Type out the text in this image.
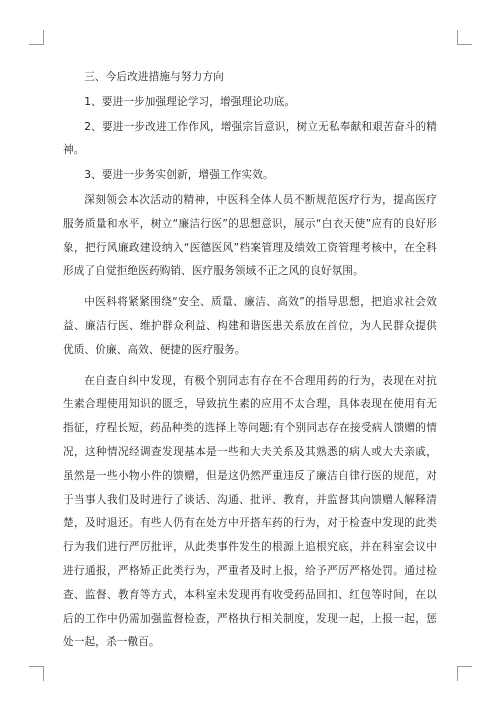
三、今后改进措施与努力方向

1、要进一步加强理论学习，增强理论功底。

2、要进一步改进工作作风，增强宗旨意识，树立无私奉献和艰苦奋斗的精神。

3、要进一步务实创新，增强工作实效。

深刻领会本次活动的精神，中医科全体人员不断规范医疗行为，提高医疗服务质量和水平，树立“廉洁行医”的思想意识，展示“白衣天使”应有的良好形象，把行风廉政建设纳入“医德医风”档案管理及绩效工资管理考核中，在全科形成了自觉拒绝医药购销、医疗服务领域不正之风的良好氛围。

中医科将紧紧围绕“安全、质量、廉洁、高效”的指导思想，把追求社会效益、廉洁行医、维护群众利益、构建和谐医患关系放在首位，为人民群众提供优质、价廉、高效、便捷的医疗服务。

在自查自纠中发现，有极个别同志有存在不合理用药的行为，表现在对抗生素合理使用知识的匮乏，导致抗生素的应用不太合理，具体表现在使用有无指征，疗程长短，药品种类的选择上等问题;有个别同志存在接受病人馈赠的情况，这种情况经调查发现基本是一些和大夫关系及其熟悉的病人或大夫亲戚，虽然是一些小物小件的馈赠，但是这仍然严重违反了廉洁自律行医的规范，对于当事人我们及时进行了谈话、沟通、批评、教育，并监督其向馈赠人解释清楚，及时退还。有些人仍有在处方中开搭车药的行为，对于检查中发现的此类行为我们进行严厉批评，从此类事件发生的根源上追根究底，并在科室会议中进行通报，严格矫正此类行为，严重者及时上报，给予严厉严格处罚。通过检查、监督、教育等方式，本科室未发现再有收受药品回扣、红包等时间，在以后的工作中仍需加强监督检查，严格执行相关制度，发现一起，上报一起，惩处一起，杀一儆百。
